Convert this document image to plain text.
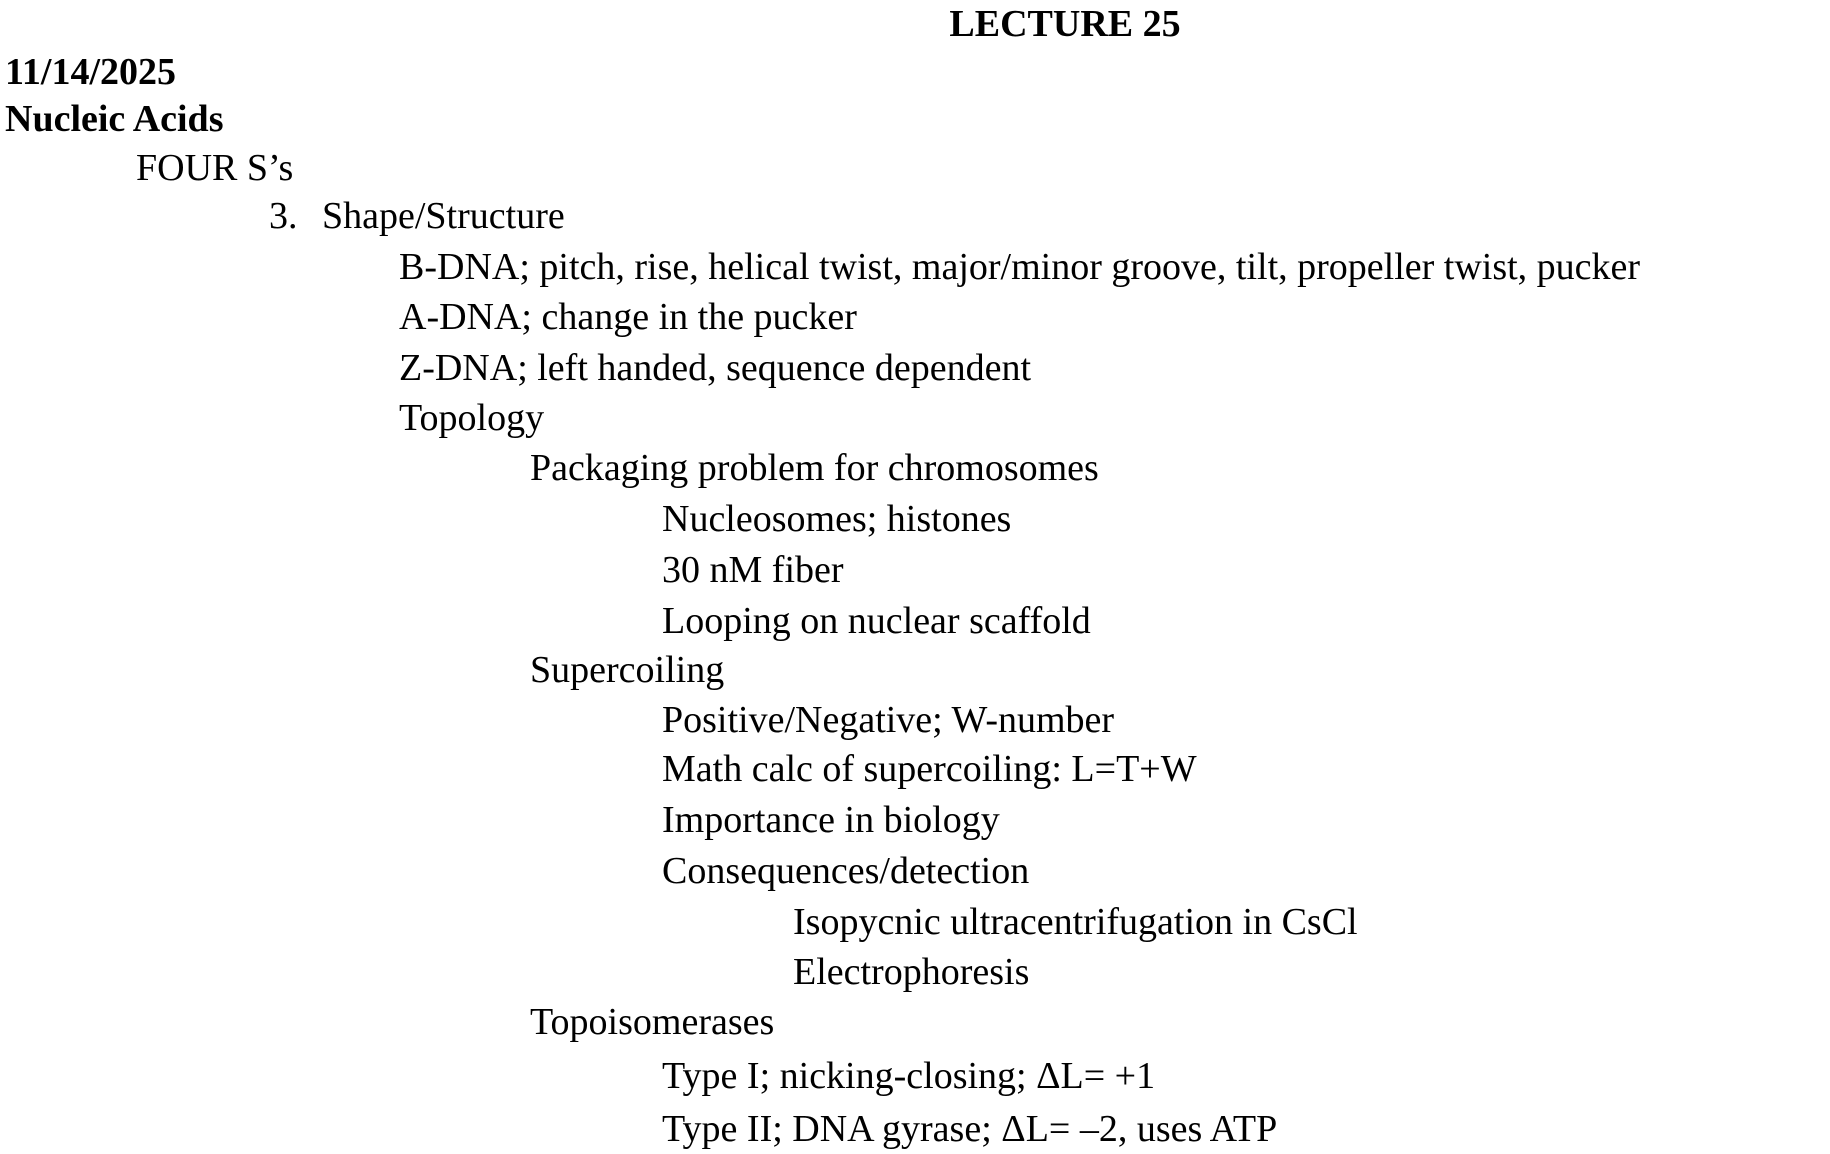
LECTURE 25
11/14/2025
Nucleic Acids
FOUR S’s
3. Shape/Structure
B-DNA; pitch, rise, helical twist, major/minor groove, tilt, propeller twist, pucker
A-DNA; change in the pucker
Z-DNA; left handed, sequence dependent
Topology
Packaging problem for chromosomes
Nucleosomes; histones
30 nM fiber
Looping on nuclear scaffold
Supercoiling
Positive/Negative; W-number
Math calc of supercoiling: L=T+W
Importance in biology
Consequences/detection
Isopycnic ultracentrifugation in CsCl
Electrophoresis
Topoisomerases
Type I; nicking-closing; ΔL= +1
Type II; DNA gyrase; ΔL= –2, uses ATP
